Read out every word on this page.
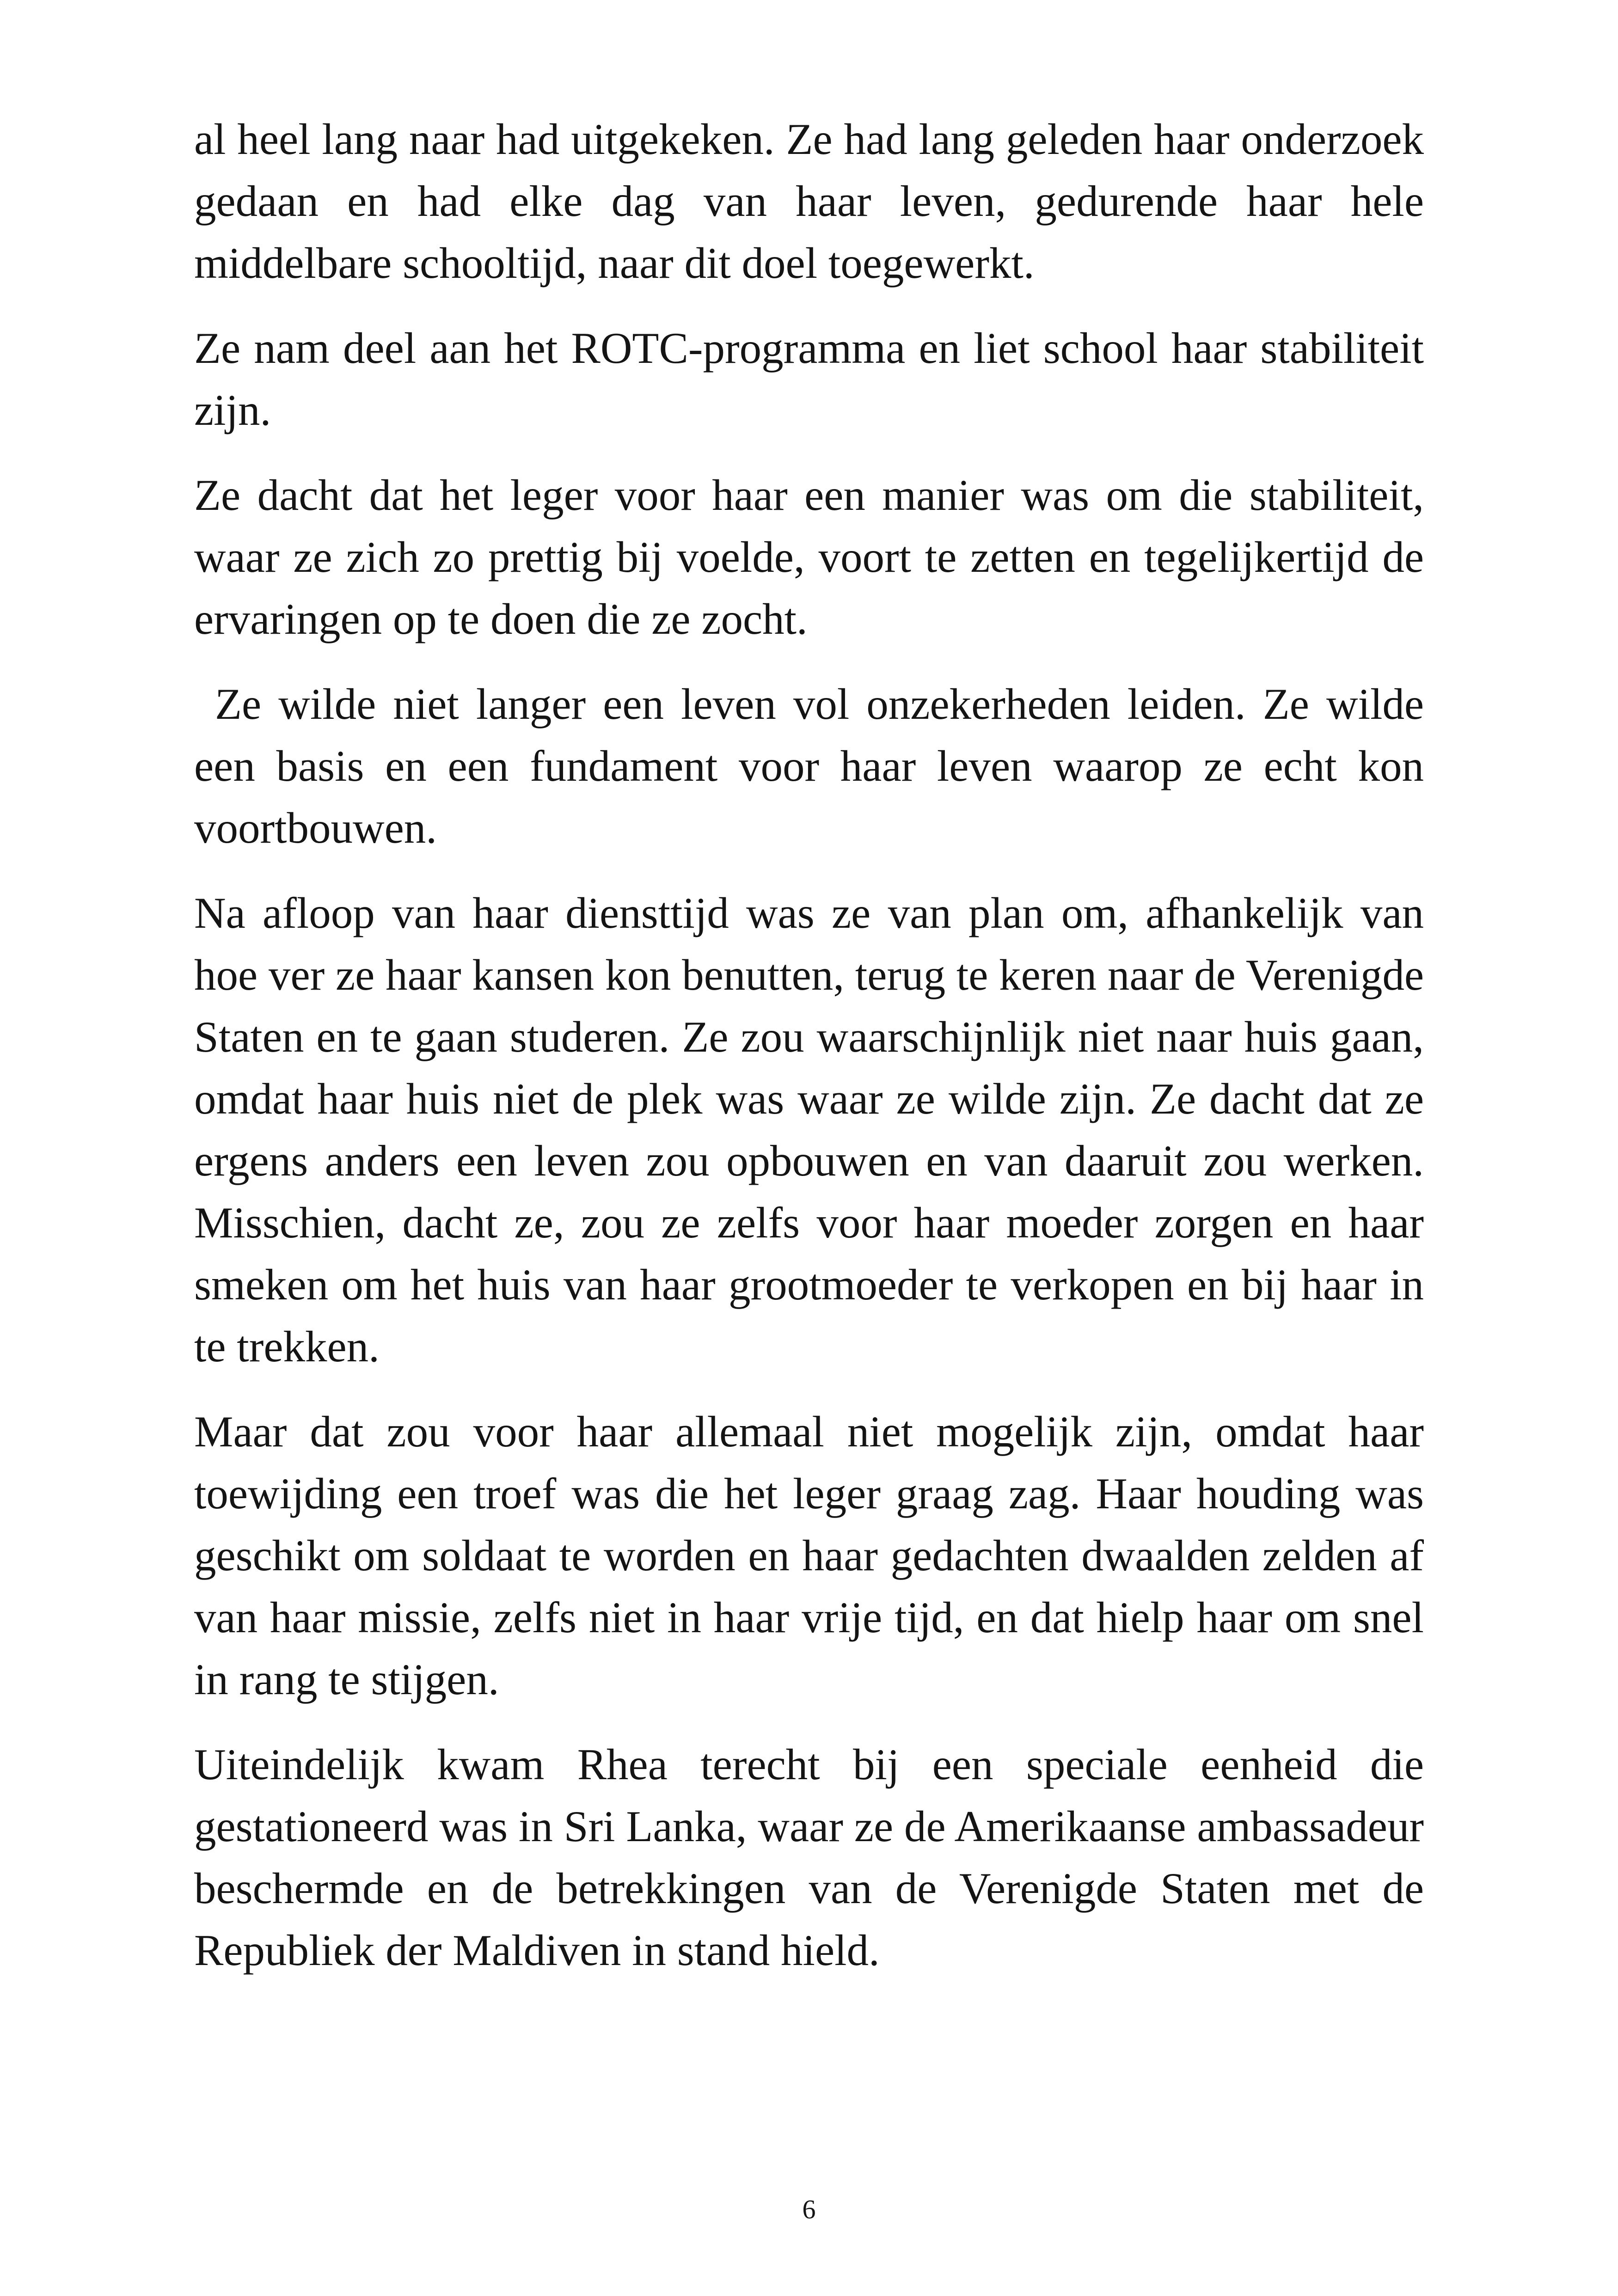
al heel lang naar had uitgekeken. Ze had lang geleden haar onderzoek gedaan en had elke dag van haar leven, gedurende haar hele middelbare schooltijd, naar dit doel toegewerkt.

Ze nam deel aan het ROTC-programma en liet school haar stabiliteit zijn.

Ze dacht dat het leger voor haar een manier was om die stabiliteit, waar ze zich zo prettig bij voelde, voort te zetten en tegelijkertijd de ervaringen op te doen die ze zocht.

Ze wilde niet langer een leven vol onzekerheden leiden. Ze wilde een basis en een fundament voor haar leven waarop ze echt kon voortbouwen.

Na afloop van haar diensttijd was ze van plan om, afhankelijk van hoe ver ze haar kansen kon benutten, terug te keren naar de Verenigde Staten en te gaan studeren. Ze zou waarschijnlijk niet naar huis gaan, omdat haar huis niet de plek was waar ze wilde zijn. Ze dacht dat ze ergens anders een leven zou opbouwen en van daaruit zou werken. Misschien, dacht ze, zou ze zelfs voor haar moeder zorgen en haar smeken om het huis van haar grootmoeder te verkopen en bij haar in te trekken.

Maar dat zou voor haar allemaal niet mogelijk zijn, omdat haar toewijding een troef was die het leger graag zag. Haar houding was geschikt om soldaat te worden en haar gedachten dwaalden zelden af van haar missie, zelfs niet in haar vrije tijd, en dat hielp haar om snel in rang te stijgen.

Uiteindelijk kwam Rhea terecht bij een speciale eenheid die gestationeerd was in Sri Lanka, waar ze de Amerikaanse ambassadeur beschermde en de betrekkingen van de Verenigde Staten met de Republiek der Maldiven in stand hield.

6
